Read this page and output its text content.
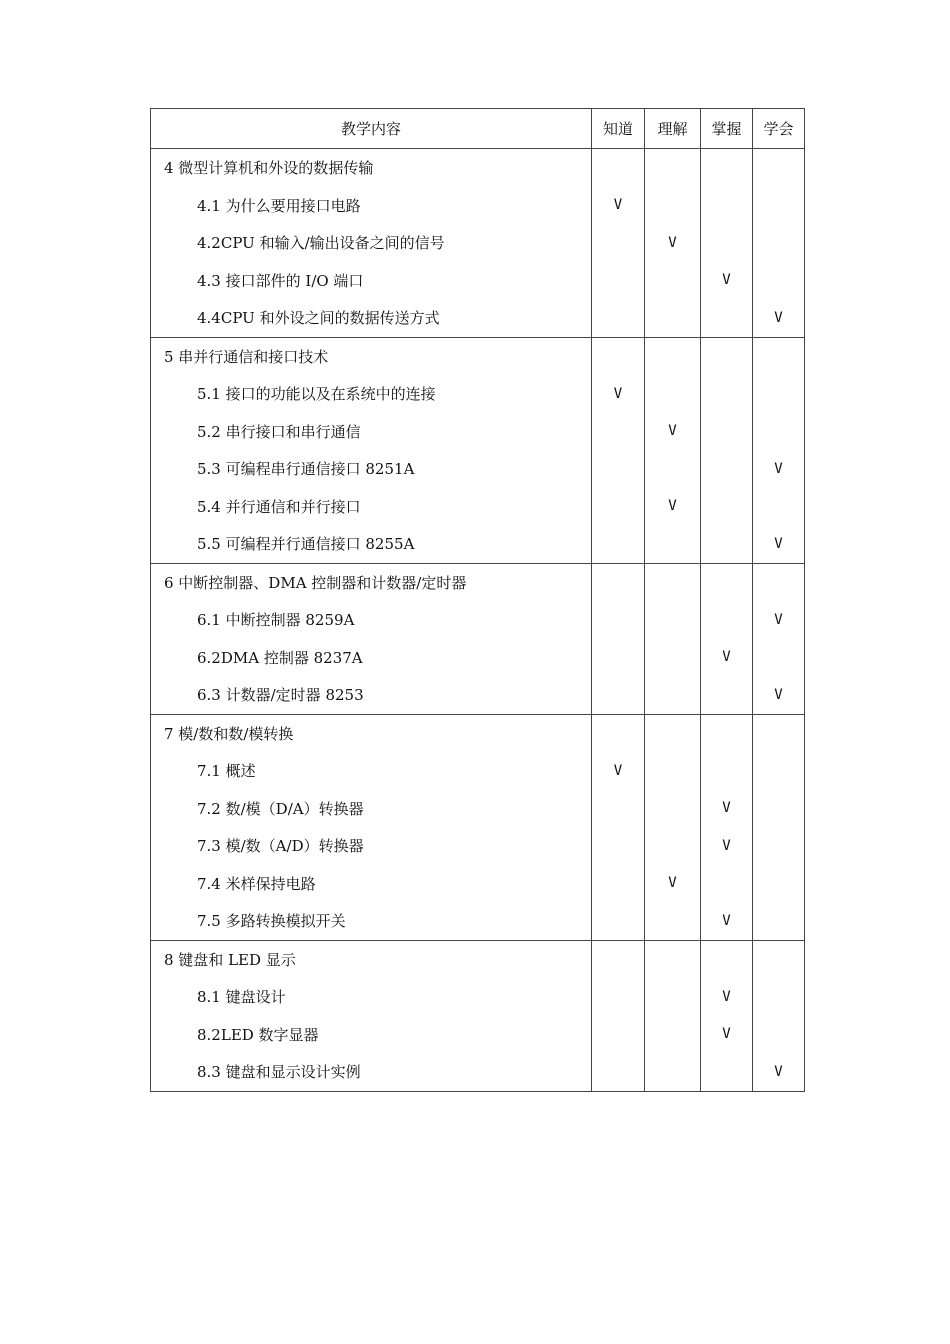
教学内容	知道	理解	掌握	学会
4 微型计算机和外设的数据传输				
4.1 为什么要用接口电路	V			
4.2CPU 和输入/输出设备之间的信号		V		
4.3 接口部件的 I/O 端口			V	
4.4CPU 和外设之间的数据传送方式				V
5 串并行通信和接口技术				
5.1 接口的功能以及在系统中的连接	V			
5.2 串行接口和串行通信		V		
5.3 可编程串行通信接口 8251A				V
5.4 并行通信和并行接口		V		
5.5 可编程并行通信接口 8255A				V
6 中断控制器、DMA 控制器和计数器/定时器				
6.1 中断控制器 8259A				V
6.2DMA 控制器 8237A			V	
6.3 计数器/定时器 8253				V
7 模/数和数/模转换				
7.1 概述	V			
7.2 数/模（D/A）转换器			V	
7.3 模/数（A/D）转换器			V	
7.4 米样保持电路		V		
7.5 多路转换模拟开关			V	
8 键盘和 LED 显示				
8.1 键盘设计			V	
8.2LED 数字显器			V	
8.3 键盘和显示设计实例				V
